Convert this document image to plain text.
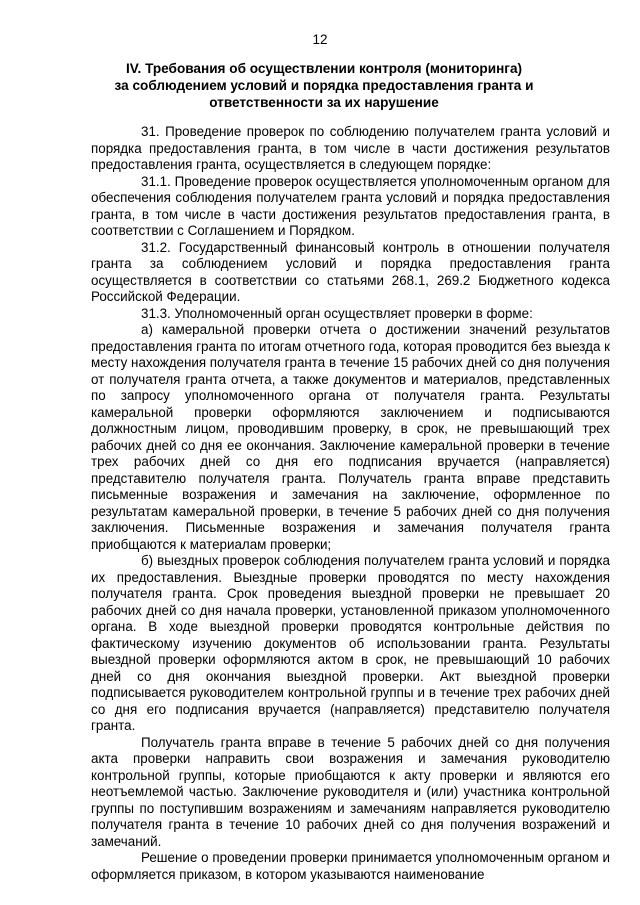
12
IV. Требования об осуществлении контроля (мониторинга)
за соблюдением условий и порядка предоставления гранта и
ответственности за их нарушение

31. Проведение проверок по соблюдению получателем гранта условий и порядка предоставления гранта, в том числе в части достижения результатов предоставления гранта, осуществляется в следующем порядке:

31.1. Проведение проверок осуществляется уполномоченным органом для обеспечения соблюдения получателем гранта условий и порядка предоставления гранта, в том числе в части достижения результатов предоставления гранта, в соответствии с Соглашением и Порядком.

31.2. Государственный финансовый контроль в отношении получателя гранта за соблюдением условий и порядка предоставления гранта осуществляется в соответствии со статьями 268.1, 269.2 Бюджетного кодекса Российской Федерации.

31.3. Уполномоченный орган осуществляет проверки в форме:

а) камеральной проверки отчета о достижении значений результатов предоставления гранта по итогам отчетного года, которая проводится без выезда к месту нахождения получателя гранта в течение 15 рабочих дней со дня получения от получателя гранта отчета, а также документов и материалов, представленных по запросу уполномоченного органа от получателя гранта. Результаты камеральной проверки оформляются заключением и подписываются должностным лицом, проводившим проверку, в срок, не превышающий трех рабочих дней со дня ее окончания. Заключение камеральной проверки в течение трех рабочих дней со дня его подписания вручается (направляется) представителю получателя гранта. Получатель гранта вправе представить письменные возражения и замечания на заключение, оформленное по результатам камеральной проверки, в течение 5 рабочих дней со дня получения заключения. Письменные возражения и замечания получателя гранта приобщаются к материалам проверки;

б) выездных проверок соблюдения получателем гранта условий и порядка их предоставления. Выездные проверки проводятся по месту нахождения получателя гранта. Срок проведения выездной проверки не превышает 20 рабочих дней со дня начала проверки, установленной приказом уполномоченного органа. В ходе выездной проверки проводятся контрольные действия по фактическому изучению документов об использовании гранта. Результаты выездной проверки оформляются актом в срок, не превышающий 10 рабочих дней со дня окончания выездной проверки. Акт выездной проверки подписывается руководителем контрольной группы и в течение трех рабочих дней со дня его подписания вручается (направляется) представителю получателя гранта.

Получатель гранта вправе в течение 5 рабочих дней со дня получения акта проверки направить свои возражения и замечания руководителю контрольной группы, которые приобщаются к акту проверки и являются его неотъемлемой частью. Заключение руководителя и (или) участника контрольной группы по поступившим возражениям и замечаниям направляется руководителю получателя гранта в течение 10 рабочих дней со дня получения возражений и замечаний.

Решение о проведении проверки принимается уполномоченным органом и оформляется приказом, в котором указываются наименование
